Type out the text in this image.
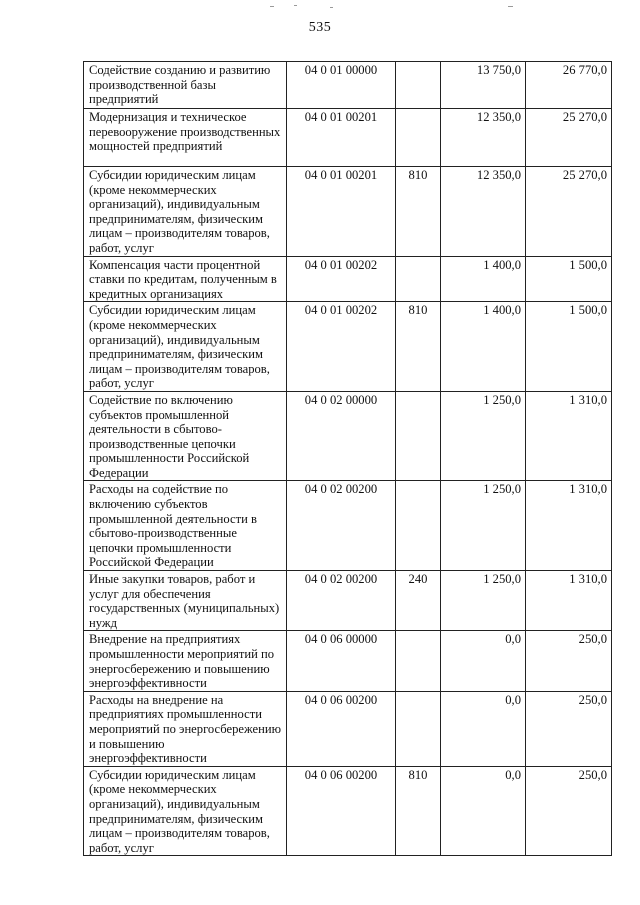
535
Содействие созданию и развитию производственной базы предприятий	04 0 01 00000		13 750,0	26 770,0
Модернизация и техническое перевооружение производственных мощностей предприятий	04 0 01 00201		12 350,0	25 270,0
Субсидии юридическим лицам (кроме некоммерческих организаций), индивидуальным предпринимателям, физическим лицам – производителям товаров, работ, услуг	04 0 01 00201	810	12 350,0	25 270,0
Компенсация части процентной ставки по кредитам, полученным в кредитных организациях	04 0 01 00202		1 400,0	1 500,0
Субсидии юридическим лицам (кроме некоммерческих организаций), индивидуальным предпринимателям, физическим лицам – производителям товаров, работ, услуг	04 0 01 00202	810	1 400,0	1 500,0
Содействие по включению субъектов промышленной деятельности в сбытово-производственные цепочки промышленности Российской Федерации	04 0 02 00000		1 250,0	1 310,0
Расходы на содействие по включению субъектов промышленной деятельности в сбытово-производственные цепочки промышленности Российской Федерации	04 0 02 00200		1 250,0	1 310,0
Иные закупки товаров, работ и услуг для обеспечения государственных (муниципальных) нужд	04 0 02 00200	240	1 250,0	1 310,0
Внедрение на предприятиях промышленности мероприятий по энергосбережению и повышению энергоэффективности	04 0 06 00000		0,0	250,0
Расходы на внедрение на предприятиях промышленности мероприятий по энергосбережению и повышению энергоэффективности	04 0 06 00200		0,0	250,0
Субсидии юридическим лицам (кроме некоммерческих организаций), индивидуальным предпринимателям, физическим лицам – производителям товаров, работ, услуг	04 0 06 00200	810	0,0	250,0
